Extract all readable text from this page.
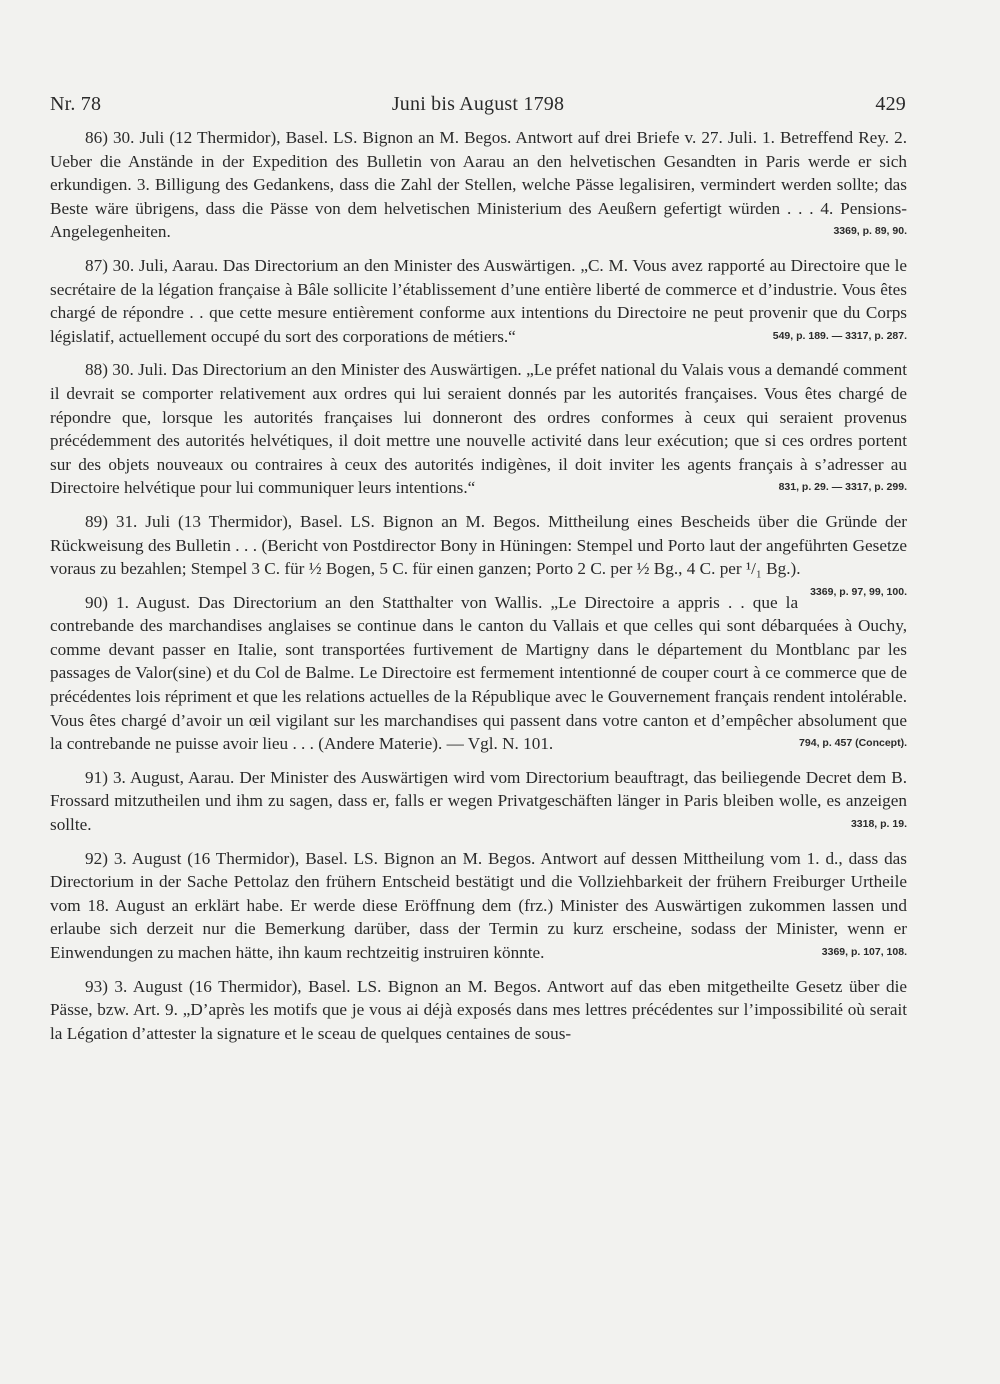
Nr. 78	Juni bis August 1798	429

86) 30. Juli (12 Thermidor), Basel. LS. Bignon an M. Begos. Antwort auf drei Briefe v. 27. Juli. 1. Betreffend Rey. 2. Ueber die Anstände in der Expedition des Bulletin von Aarau an den helvetischen Gesandten in Paris werde er sich erkundigen. 3. Billigung des Gedankens, dass die Zahl der Stellen, welche Pässe legalisiren, vermindert werden sollte; das Beste wäre übrigens, dass die Pässe von dem helvetischen Ministerium des Aeußern gefertigt würden . . . 4. Pensions-Angelegenheiten.	3369, p. 89, 90.

87) 30. Juli, Aarau. Das Directorium an den Minister des Auswärtigen. „C. M. Vous avez rapporté au Directoire que le secrétaire de la légation française à Bâle sollicite l’établissement d’une entière liberté de commerce et d’industrie. Vous êtes chargé de répondre . . que cette mesure entièrement conforme aux intentions du Directoire ne peut provenir que du Corps législatif, actuellement occupé du sort des corporations de métiers.“	549, p. 189. — 3317, p. 287.

88) 30. Juli. Das Directorium an den Minister des Auswärtigen. „Le préfet national du Valais vous a demandé comment il devrait se comporter relativement aux ordres qui lui seraient donnés par les autorités françaises. Vous êtes chargé de répondre que, lorsque les autorités françaises lui donneront des ordres conformes à ceux qui seraient provenus précédemment des autorités helvétiques, il doit mettre une nouvelle activité dans leur exécution; que si ces ordres portent sur des objets nouveaux ou contraires à ceux des autorités indigènes, il doit inviter les agents français à s’adresser au Directoire helvétique pour lui communiquer leurs intentions.“	831, p. 29. — 3317, p. 299.

89) 31. Juli (13 Thermidor), Basel. LS. Bignon an M. Begos. Mittheilung eines Bescheids über die Gründe der Rückweisung des Bulletin . . . (Bericht von Postdirector Bony in Hüningen: Stempel und Porto laut der angeführten Gesetze voraus zu bezahlen; Stempel 3 C. für ½ Bogen, 5 C. für einen ganzen; Porto 2 C. per ½ Bg., 4 C. per ¹/₁ Bg.).
3369, p. 97, 99, 100.

90) 1. August. Das Directorium an den Statthalter von Wallis. „Le Directoire a appris . . que la contrebande des marchandises anglaises se continue dans le canton du Vallais et que celles qui sont débarquées à Ouchy, comme devant passer en Italie, sont transportées furtivement de Martigny dans le département du Montblanc par les passages de Valor(sine) et du Col de Balme. Le Directoire est fermement intentionné de couper court à ce commerce que de précédentes lois répriment et que les relations actuelles de la République avec le Gouvernement français rendent intolérable. Vous êtes chargé d’avoir un œil vigilant sur les marchandises qui passent dans votre canton et d’empêcher absolument que la contrebande ne puisse avoir lieu . . . (Andere Materie). — Vgl. N. 101.	794, p. 457 (Concept).

91) 3. August, Aarau. Der Minister des Auswärtigen wird vom Directorium beauftragt, das beiliegende Decret dem B. Frossard mitzutheilen und ihm zu sagen, dass er, falls er wegen Privatgeschäften länger in Paris bleiben wolle, es anzeigen sollte.	3318, p. 19.

92) 3. August (16 Thermidor), Basel. LS. Bignon an M. Begos. Antwort auf dessen Mittheilung vom 1. d., dass das Directorium in der Sache Pettolaz den frühern Entscheid bestätigt und die Vollziehbarkeit der frühern Freiburger Urtheile vom 18. August an erklärt habe. Er werde diese Eröffnung dem (frz.) Minister des Auswärtigen zukommen lassen und erlaube sich derzeit nur die Bemerkung darüber, dass der Termin zu kurz erscheine, sodass der Minister, wenn er Einwendungen zu machen hätte, ihn kaum rechtzeitig instruiren könnte.	3369, p. 107, 108.

93) 3. August (16 Thermidor), Basel. LS. Bignon an M. Begos. Antwort auf das eben mitgetheilte Gesetz über die Pässe, bzw. Art. 9. „D’après les motifs que je vous ai déjà exposés dans mes lettres précédentes sur l’impossibilité où serait la Légation d’attester la signature et le sceau de quelques centaines de sous-
